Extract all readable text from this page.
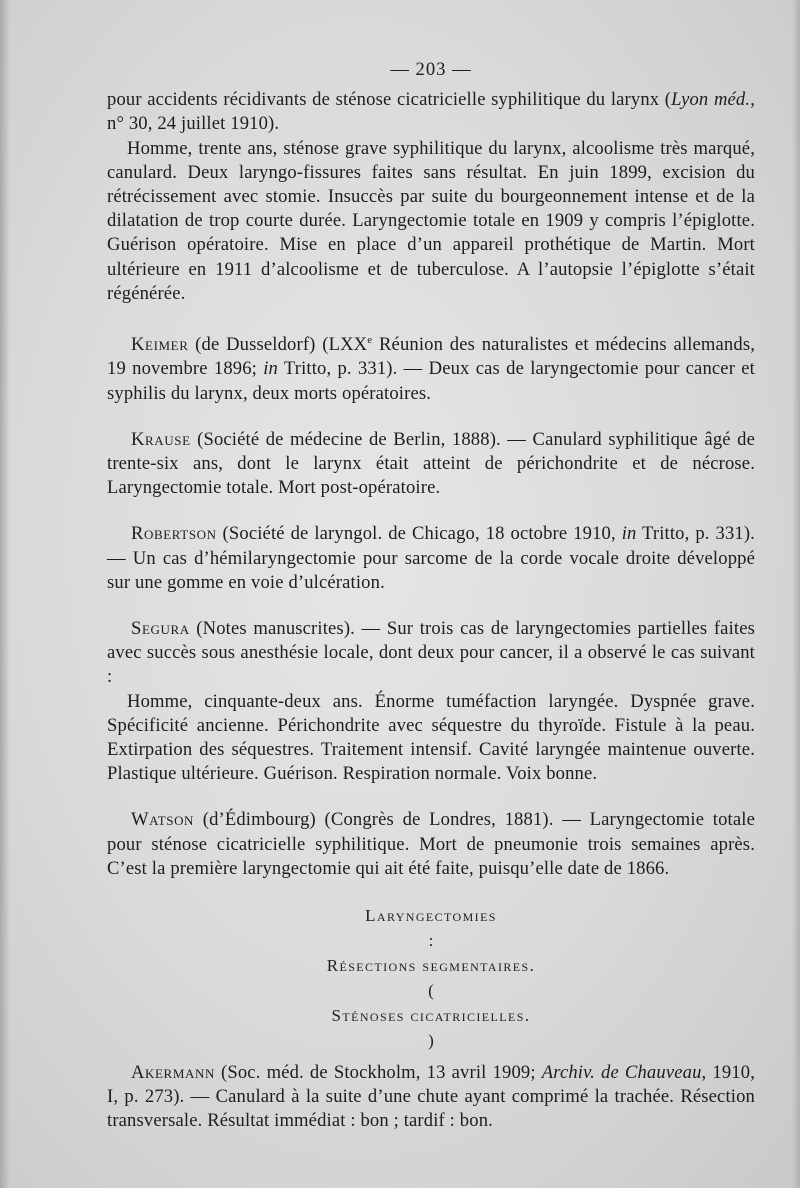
— 203 —

pour accidents récidivants de sténose cicatricielle syphilitique du larynx (Lyon méd., n° 30, 24 juillet 1910).

Homme, trente ans, sténose grave syphilitique du larynx, alcoolisme très marqué, canulard. Deux laryngo-fissures faites sans résultat. En juin 1899, excision du rétrécissement avec stomie. Insuccès par suite du bourgeonnement intense et de la dilatation de trop courte durée. Laryngectomie totale en 1909 y compris l’épiglotte. Guérison opératoire. Mise en place d’un appareil prothétique de Martin. Mort ultérieure en 1911 d’alcoolisme et de tuberculose. A l’autopsie l’épiglotte s’était régénérée.

Keimer (de Dusseldorf) (LXXe Réunion des naturalistes et médecins allemands, 19 novembre 1896; in Tritto, p. 331). — Deux cas de laryngectomie pour cancer et syphilis du larynx, deux morts opératoires.

Krause (Société de médecine de Berlin, 1888). — Canulard syphilitique âgé de trente-six ans, dont le larynx était atteint de périchondrite et de nécrose. Laryngectomie totale. Mort post-opératoire.

Robertson (Société de laryngol. de Chicago, 18 octobre 1910, in Tritto, p. 331). — Un cas d’hémilaryngectomie pour sarcome de la corde vocale droite développé sur une gomme en voie d’ulcération.

Segura (Notes manuscrites). — Sur trois cas de laryngectomies partielles faites avec succès sous anesthésie locale, dont deux pour cancer, il a observé le cas suivant :

Homme, cinquante-deux ans. Énorme tuméfaction laryngée. Dyspnée grave. Spécificité ancienne. Périchondrite avec séquestre du thyroïde. Fistule à la peau. Extirpation des séquestres. Traitement intensif. Cavité laryngée maintenue ouverte. Plastique ultérieure. Guérison. Respiration normale. Voix bonne.

Watson (d’Édimbourg) (Congrès de Londres, 1881). — Laryngectomie totale pour sténose cicatricielle syphilitique. Mort de pneumonie trois semaines après. C’est la première laryngectomie qui ait été faite, puisqu’elle date de 1866.

Laryngectomies
:
Résections segmentaires.
(
Sténoses cicatricielles.
)

Akermann (Soc. méd. de Stockholm, 13 avril 1909; Archiv. de Chauveau, 1910, I, p. 273). — Canulard à la suite d’une chute ayant comprimé la trachée. Résection transversale. Résultat immédiat : bon ; tardif : bon.
